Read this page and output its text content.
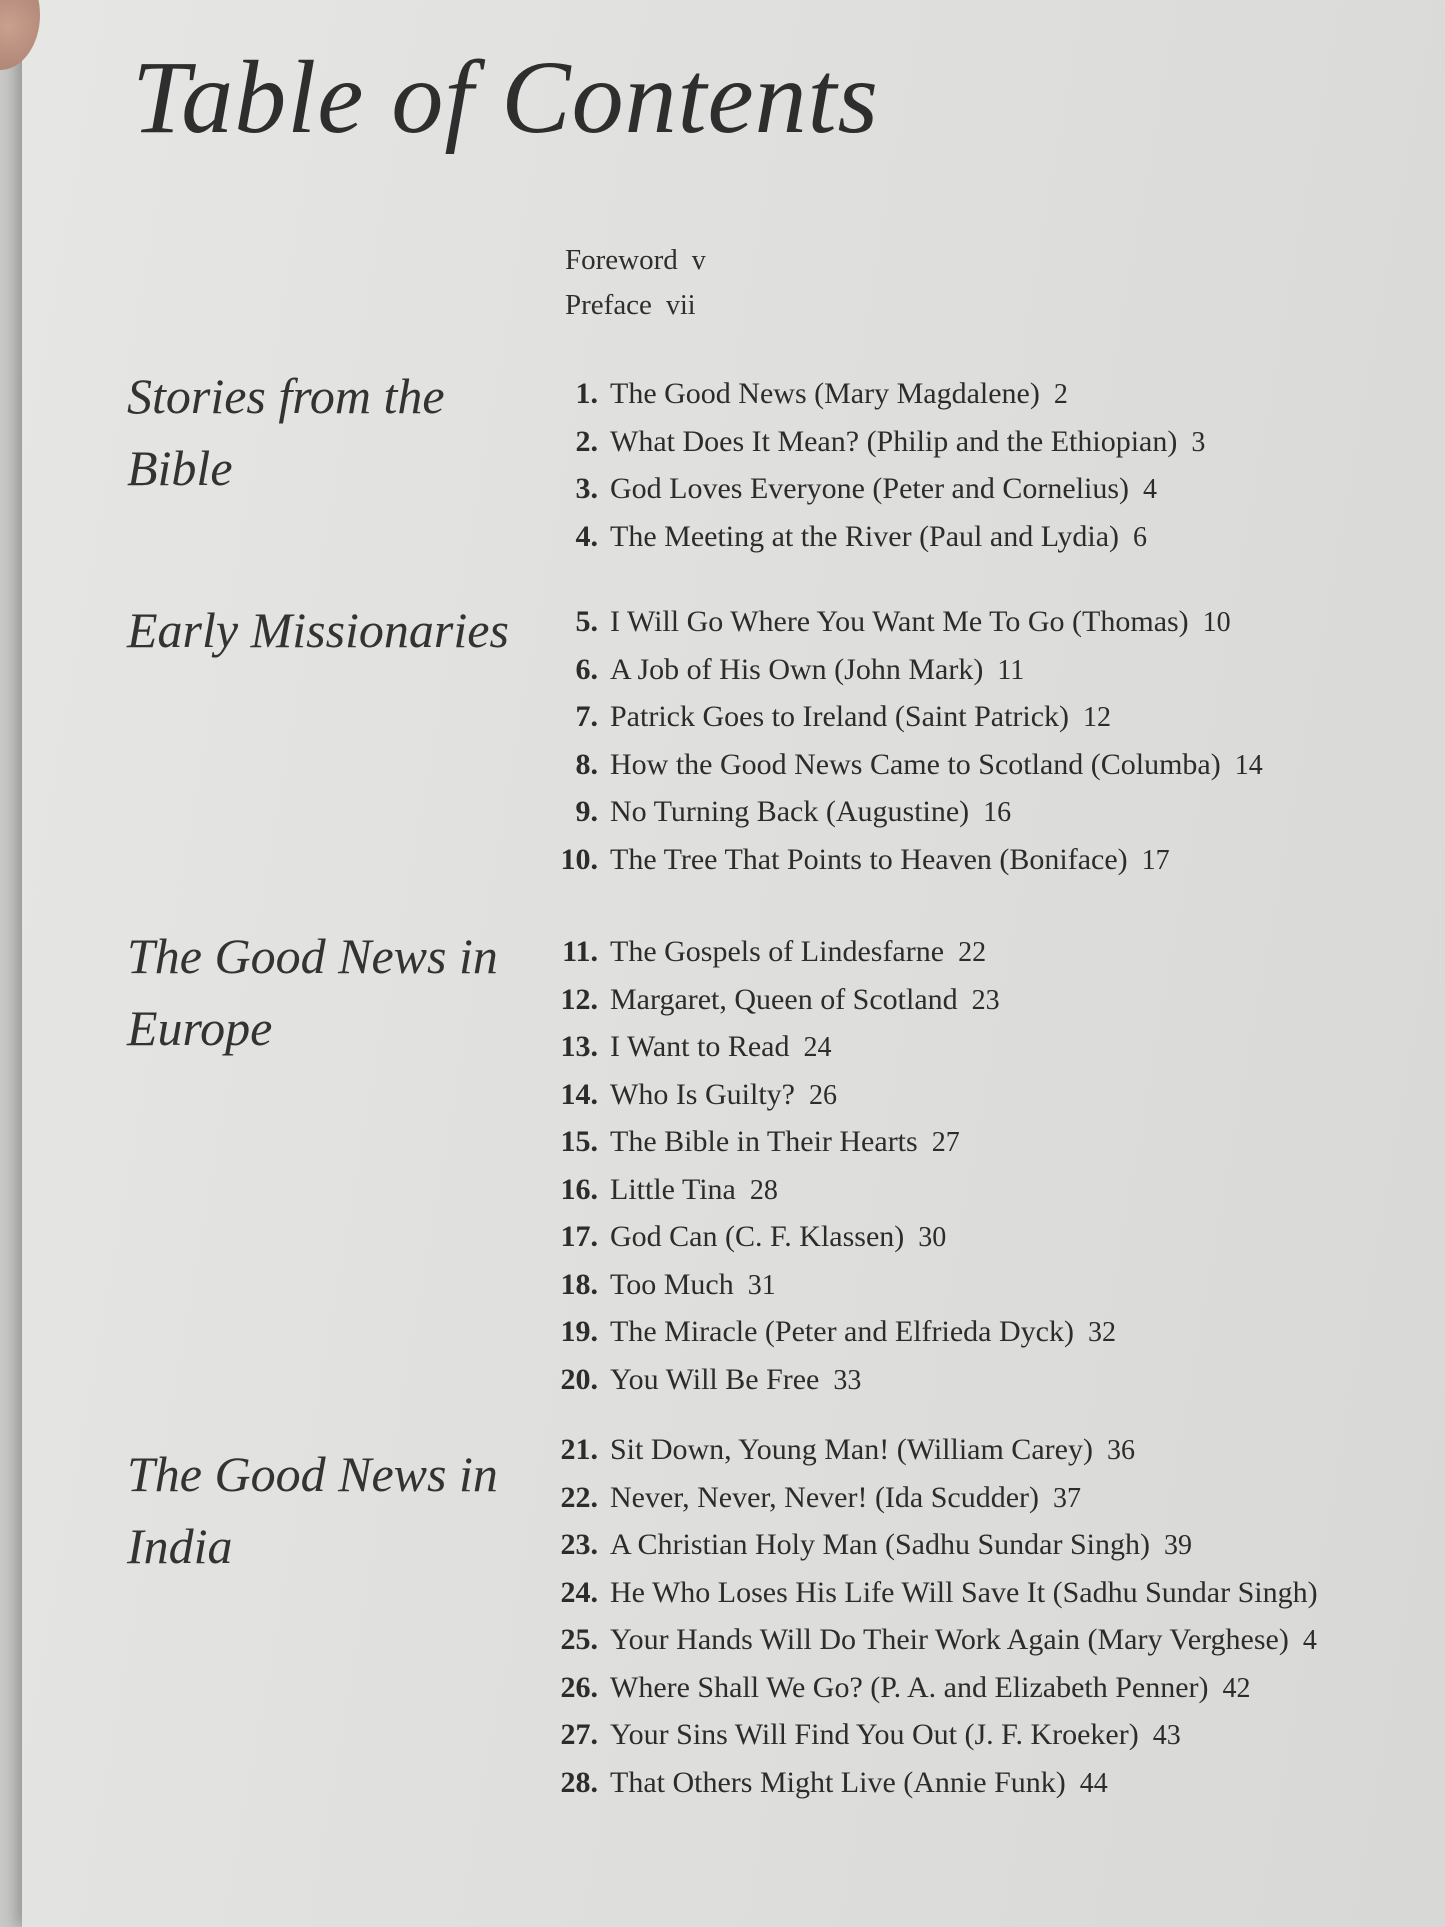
Table of Contents
Foreword v
Preface vii
Stories from the Bible
1. The Good News (Mary Magdalene) 2
2. What Does It Mean? (Philip and the Ethiopian) 3
3. God Loves Everyone (Peter and Cornelius) 4
4. The Meeting at the River (Paul and Lydia) 6
Early Missionaries	5. I Will Go Where You Want Me To Go (Thomas) 10
6. A Job of His Own (John Mark) 11
7. Patrick Goes to Ireland (Saint Patrick) 12
8. How the Good News Came to Scotland (Columba) 14
9. No Turning Back (Augustine) 16
10. The Tree That Points to Heaven (Boniface) 17
The Good News in Europe
11. The Gospels of Lindesfarne 22
12. Margaret, Queen of Scotland 23
13. I Want to Read 24
14. Who Is Guilty? 26
15. The Bible in Their Hearts 27
16. Little Tina 28
17. God Can (C. F. Klassen) 30
18. Too Much 31
19. The Miracle (Peter and Elfrieda Dyck) 32
20. You Will Be Free 33
The Good News in India
21. Sit Down, Young Man! (William Carey) 36
22. Never, Never, Never! (Ida Scudder) 37
23. A Christian Holy Man (Sadhu Sundar Singh) 39
24. He Who Loses His Life Will Save It (Sadhu Sundar Singh)
25. Your Hands Will Do Their Work Again (Mary Verghese) 4
26. Where Shall We Go? (P. A. and Elizabeth Penner) 42
27. Your Sins Will Find You Out (J. F. Kroeker) 43
28. That Others Might Live (Annie Funk) 44
